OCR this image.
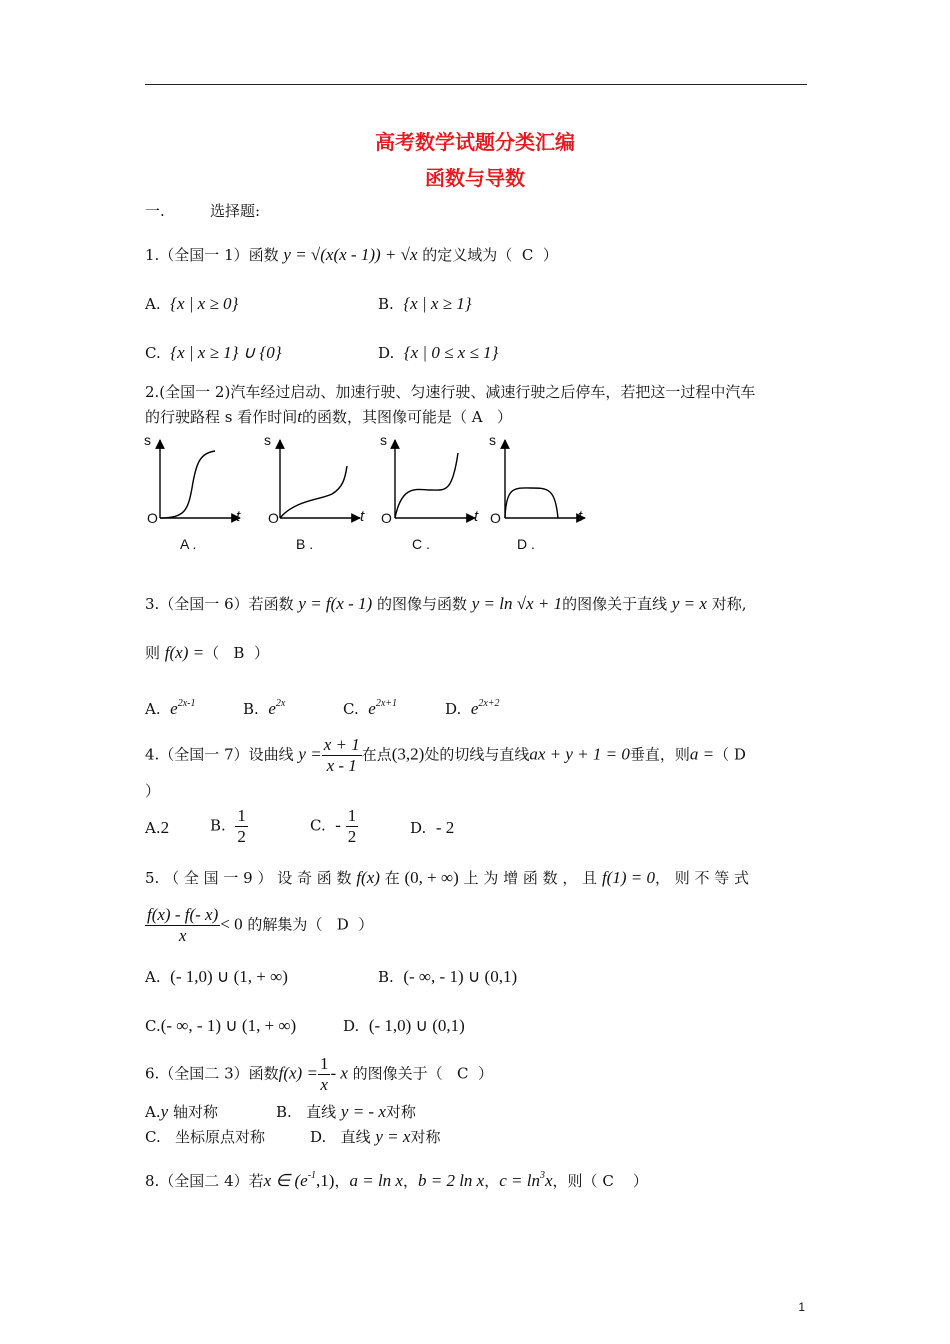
高考数学试题分类汇编
函数与导数
一.	选择题:
1.（全国一 1）函数 y = √(x(x - 1)) + √x 的定义域为（ C ）
A. {x | x ≥ 0}	B. {x | x ≥ 1}
C. {x | x ≥ 1} ∪ {0}	D. {x | 0 ≤ x ≤ 1}
2.(全国一 2)汽车经过启动、加速行驶、匀速行驶、减速行驶之后停车，若把这一过程中汽车
的行驶路程 s 看作时间t的函数，其图像可能是（ A ）
s
O	t
A .
s
O	t
B .
s
O	t
C .
s
O	t
D .
3.（全国一 6）若函数 y = f(x - 1) 的图像与函数 y = ln √x + 1的图像关于直线 y = x 对称,
则 f(x) =（ B ）
A. $e^{2x-1}$	B. $e^{2x}$	C. $e^{2x+1}$	D. $e^{2x+2}$
4.（全国一 7）设曲线 $y = \frac{x + 1}{x - 1}$ 在点(3,2)处的切线与直线ax + y + 1 = 0垂直，则a =（ D
）
A.2	B. $\frac{1}{2}$	C. - $\frac{1}{2}$	D. - 2
5. （ 全 国 一 9 ） 设 奇 函 数 f(x) 在 (0, + ∞) 上 为 增 函 数 ， 且 f(1) = 0， 则 不 等 式
$\frac{f(x) - f(- x)}{x} < 0$ 的解集为（ D ）
A. (- 1,0) ∪ (1, + ∞)	B. (- ∞, - 1) ∪ (0,1)
C.(- ∞, - 1) ∪ (1, + ∞)	D. (- 1,0) ∪ (0,1)
6.（全国二 3）函数$f(x) = \frac{1}{x} - x$ 的图像关于（ C ）
A.y 轴对称	B. 直线 y = - x对称
C. 坐标原点对称	D. 直线 y = x对称
8.（全国二 4）若x ∈ $(e^{-1},1)$，a = ln x，b = 2 ln x，$c = \ln^3x$，则（ C ）
1
